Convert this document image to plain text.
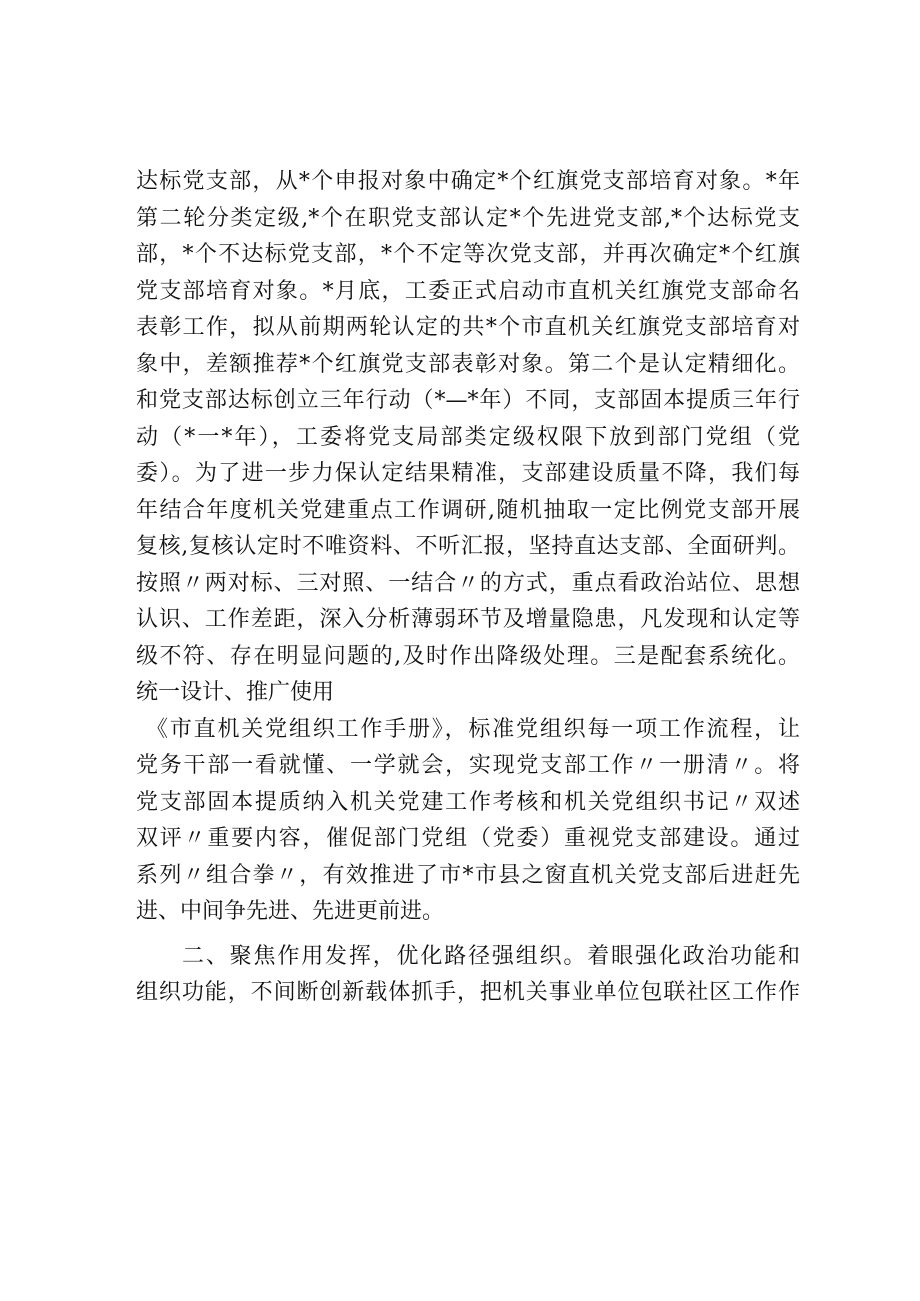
达标党支部，从*个申报对象中确定*个红旗党支部培育对象。*年
第二轮分类定级,*个在职党支部认定*个先进党支部,*个达标党支
部，*个不达标党支部，*个不定等次党支部，并再次确定*个红旗
党支部培育对象。*月底，工委正式启动市直机关红旗党支部命名
表彰工作，拟从前期两轮认定的共*个市直机关红旗党支部培育对
象中，差额推荐*个红旗党支部表彰对象。第二个是认定精细化。
和党支部达标创立三年行动（*—*年）不同，支部固本提质三年行
动（*一*年），工委将党支局部类定级权限下放到部门党组（党
委）。为了进一步力保认定结果精准，支部建设质量不降，我们每
年结合年度机关党建重点工作调研,随机抽取一定比例党支部开展
复核,复核认定时不唯资料、不听汇报，坚持直达支部、全面研判。
按照〃两对标、三对照、一结合〃的方式，重点看政治站位、思想
认识、工作差距，深入分析薄弱环节及增量隐患，凡发现和认定等
级不符、存在明显问题的,及时作出降级处理。三是配套系统化。
统一设计、推广使用
《市直机关党组织工作手册》，标准党组织每一项工作流程，让
党务干部一看就懂、一学就会，实现党支部工作〃一册清〃。将
党支部固本提质纳入机关党建工作考核和机关党组织书记〃双述
双评〃重要内容，催促部门党组（党委）重视党支部建设。通过
系列〃组合拳〃，有效推进了市*市县之窗直机关党支部后进赶先
进、中间争先进、先进更前进。
二、聚焦作用发挥，优化路径强组织。着眼强化政治功能和
组织功能，不间断创新载体抓手，把机关事业单位包联社区工作作
